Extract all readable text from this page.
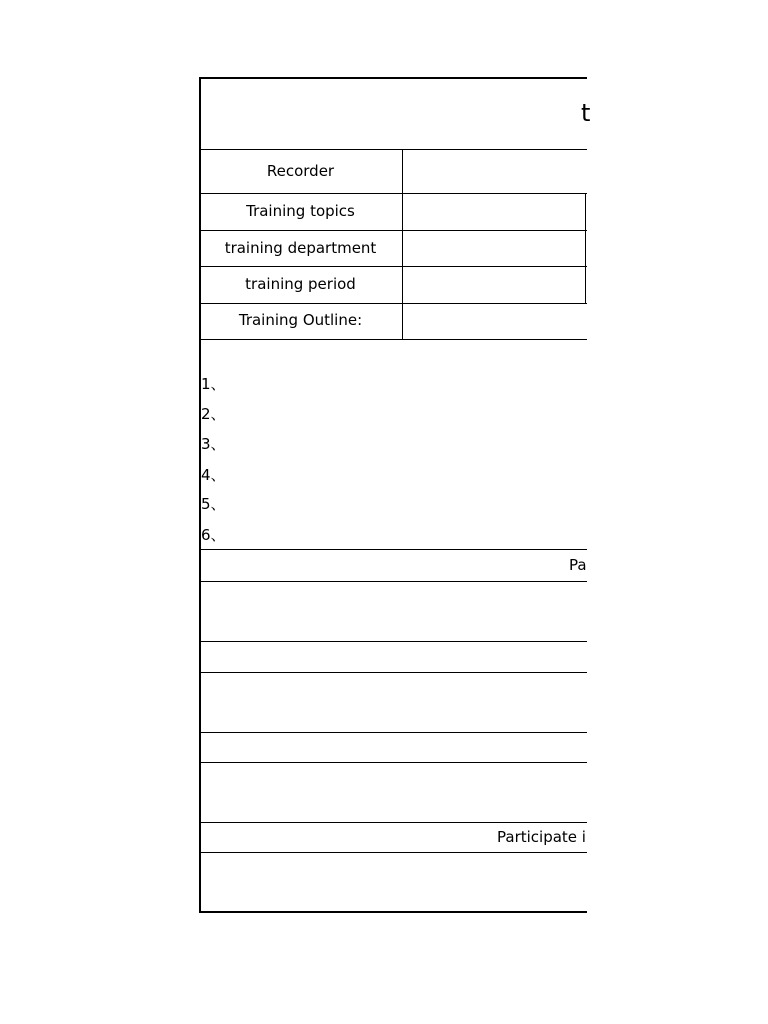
t
Recorder
Training topics
training department
training period
Training Outline:
1、
2、
3、
4、
5、
6、
Pa
Participate i
